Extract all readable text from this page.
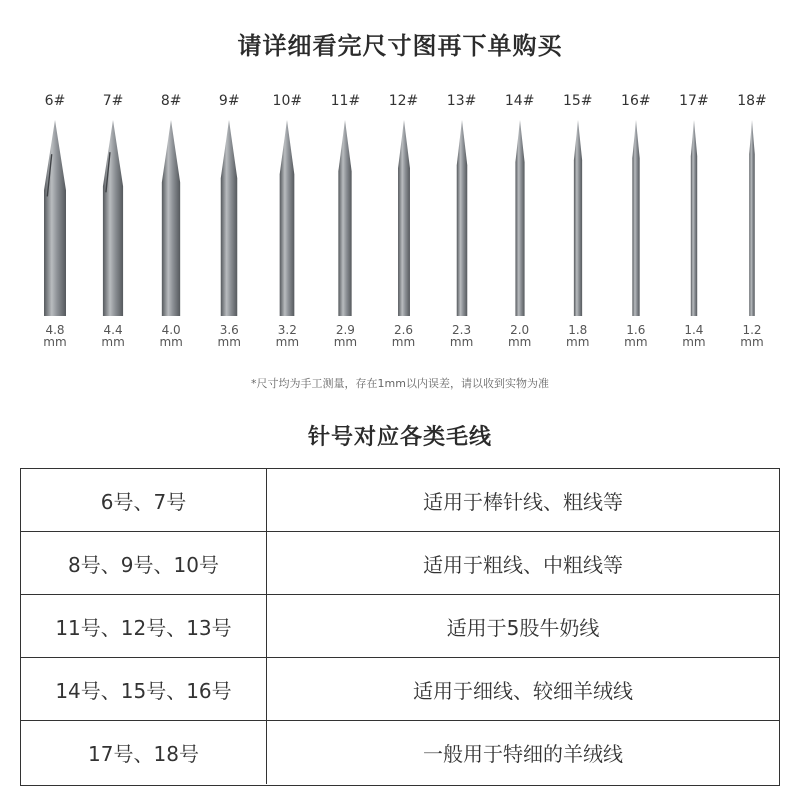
请详细看完尺寸图再下单购买
6#
4.8
mm
7#
4.4
mm
8#
4.0
mm
9#
3.6
mm
10#
3.2
mm
11#
2.9
mm
12#
2.6
mm
13#
2.3
mm
14#
2.0
mm
15#
1.8
mm
16#
1.6
mm
17#
1.4
mm
18#
1.2
mm
*尺寸均为手工测量，存在1mm以内误差，请以收到实物为准
针号对应各类毛线
6号、7号	适用于棒针线、粗线等
8号、9号、10号	适用于粗线、中粗线等
11号、12号、13号	适用于5股牛奶线
14号、15号、16号	适用于细线、较细羊绒线
17号、18号	一般用于特细的羊绒线
